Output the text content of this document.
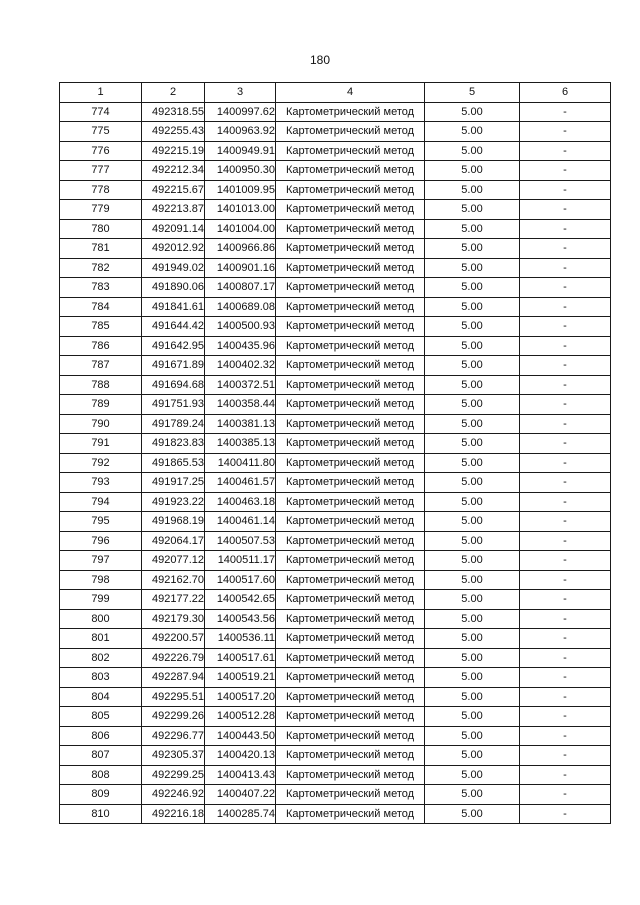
180
1	2	3	4	5	6
774	492318.55	1400997.62	Картометрический метод	5.00	-
775	492255.43	1400963.92	Картометрический метод	5.00	-
776	492215.19	1400949.91	Картометрический метод	5.00	-
777	492212.34	1400950.30	Картометрический метод	5.00	-
778	492215.67	1401009.95	Картометрический метод	5.00	-
779	492213.87	1401013.00	Картометрический метод	5.00	-
780	492091.14	1401004.00	Картометрический метод	5.00	-
781	492012.92	1400966.86	Картометрический метод	5.00	-
782	491949.02	1400901.16	Картометрический метод	5.00	-
783	491890.06	1400807.17	Картометрический метод	5.00	-
784	491841.61	1400689.08	Картометрический метод	5.00	-
785	491644.42	1400500.93	Картометрический метод	5.00	-
786	491642.95	1400435.96	Картометрический метод	5.00	-
787	491671.89	1400402.32	Картометрический метод	5.00	-
788	491694.68	1400372.51	Картометрический метод	5.00	-
789	491751.93	1400358.44	Картометрический метод	5.00	-
790	491789.24	1400381.13	Картометрический метод	5.00	-
791	491823.83	1400385.13	Картометрический метод	5.00	-
792	491865.53	1400411.80	Картометрический метод	5.00	-
793	491917.25	1400461.57	Картометрический метод	5.00	-
794	491923.22	1400463.18	Картометрический метод	5.00	-
795	491968.19	1400461.14	Картометрический метод	5.00	-
796	492064.17	1400507.53	Картометрический метод	5.00	-
797	492077.12	1400511.17	Картометрический метод	5.00	-
798	492162.70	1400517.60	Картометрический метод	5.00	-
799	492177.22	1400542.65	Картометрический метод	5.00	-
800	492179.30	1400543.56	Картометрический метод	5.00	-
801	492200.57	1400536.11	Картометрический метод	5.00	-
802	492226.79	1400517.61	Картометрический метод	5.00	-
803	492287.94	1400519.21	Картометрический метод	5.00	-
804	492295.51	1400517.20	Картометрический метод	5.00	-
805	492299.26	1400512.28	Картометрический метод	5.00	-
806	492296.77	1400443.50	Картометрический метод	5.00	-
807	492305.37	1400420.13	Картометрический метод	5.00	-
808	492299.25	1400413.43	Картометрический метод	5.00	-
809	492246.92	1400407.22	Картометрический метод	5.00	-
810	492216.18	1400285.74	Картометрический метод	5.00	-
